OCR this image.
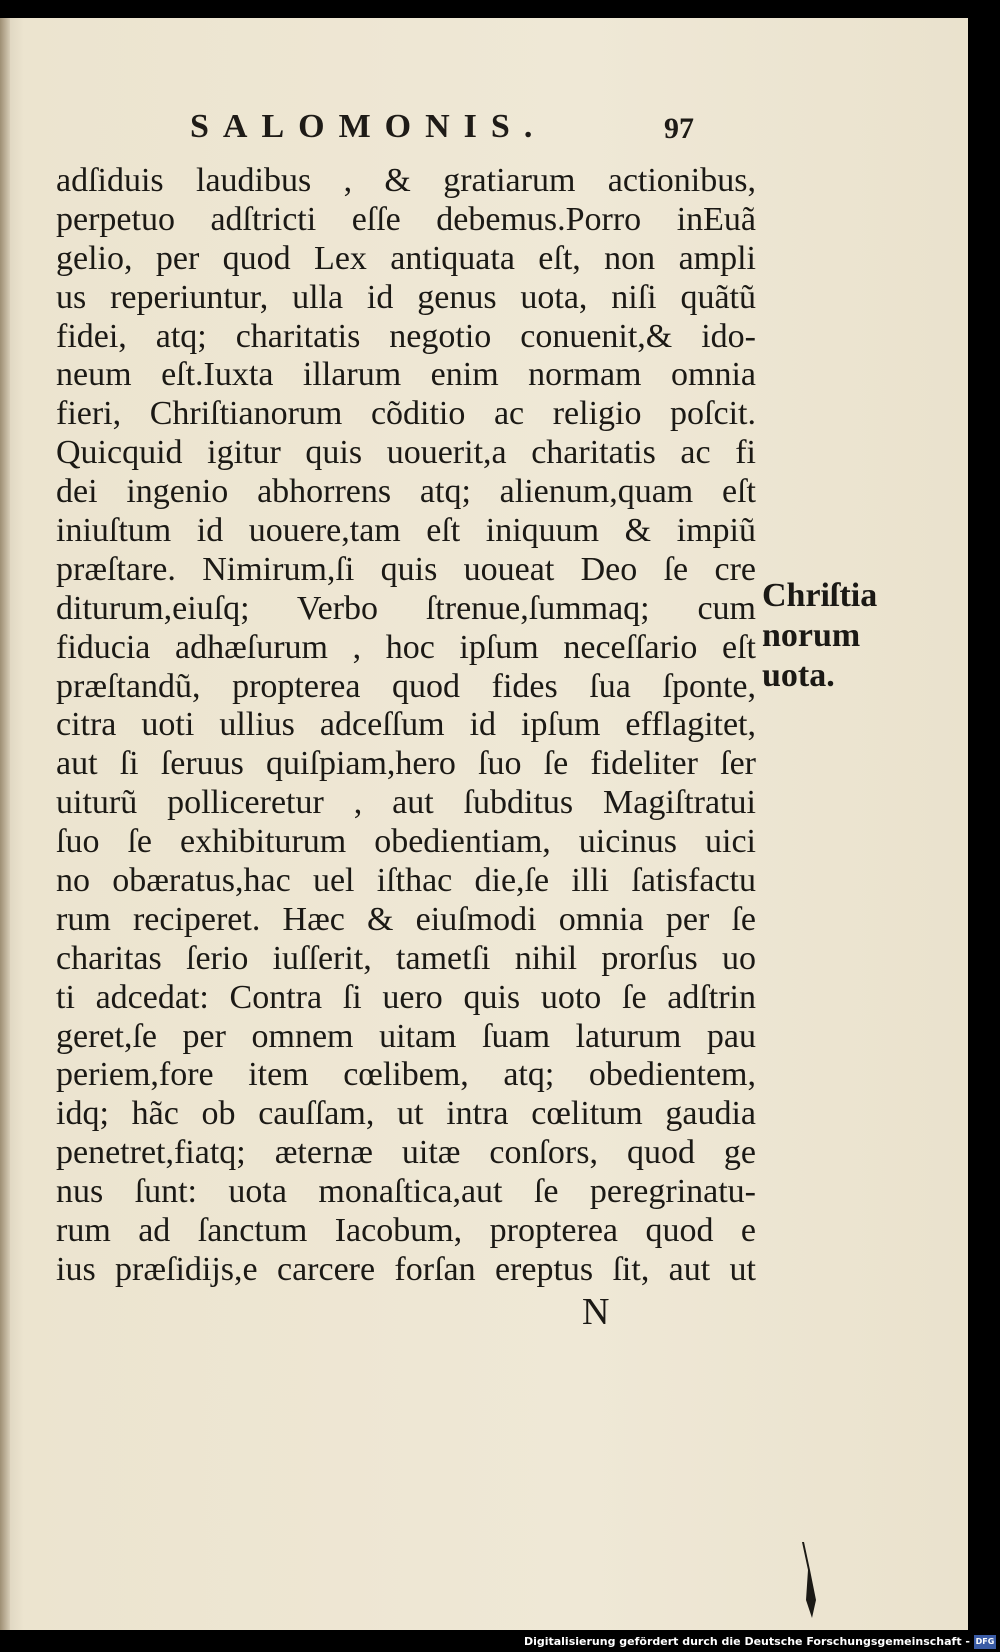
SALOMONIS.	97
adſiduis laudibus , & gratiarum actionibus,
perpetuo adſtricti eſſe debemus.Porro inEuã
gelio, per quod Lex antiquata eſt, non ampli
us reperiuntur, ulla id genus uota, niſi quãtũ
fidei, atq; charitatis negotio conuenit,& ido-
neum eſt.Iuxta illarum enim normam omnia
fieri, Chriſtianorum cõditio ac religio poſcit.
Quicquid igitur quis uouerit,a charitatis ac fi
dei ingenio abhorrens atq; alienum,quam eſt
iniuſtum id uouere,tam eſt iniquum & impiũ
præſtare. Nimirum,ſi quis uoueat Deo ſe cre
diturum,eiuſq; Verbo ſtrenue,ſummaq; cum
fiducia adhæſurum , hoc ipſum neceſſario eſt
præſtandũ, propterea quod fides ſua ſponte,
citra uoti ullius adceſſum id ipſum efflagitet,
aut ſi ſeruus quiſpiam,hero ſuo ſe fideliter ſer
uiturũ polliceretur , aut ſubditus Magiſtratui
ſuo ſe exhibiturum obedientiam, uicinus uici
no obæratus,hac uel iſthac die,ſe illi ſatisfactu
rum reciperet. Hæc & eiuſmodi omnia per ſe
charitas ſerio iuſſerit, tametſi nihil prorſus uo
ti adcedat: Contra ſi uero quis uoto ſe adſtrin
geret,ſe per omnem uitam ſuam laturum pau
periem,fore item cœlibem, atq; obedientem,
idq; hãc ob cauſſam, ut intra cœlitum gaudia
penetret,fiatq; æternæ uitæ conſors, quod ge
nus ſunt: uota monaſtica,aut ſe peregrinatu-
rum ad ſanctum Iacobum, propterea quod e
ius præſidijs,e carcere forſan ereptus ſit, aut ut
N
Chriſtia
norum
uota.
Digitalisierung gefördert durch die Deutsche Forschungsgemeinschaft - DFG
